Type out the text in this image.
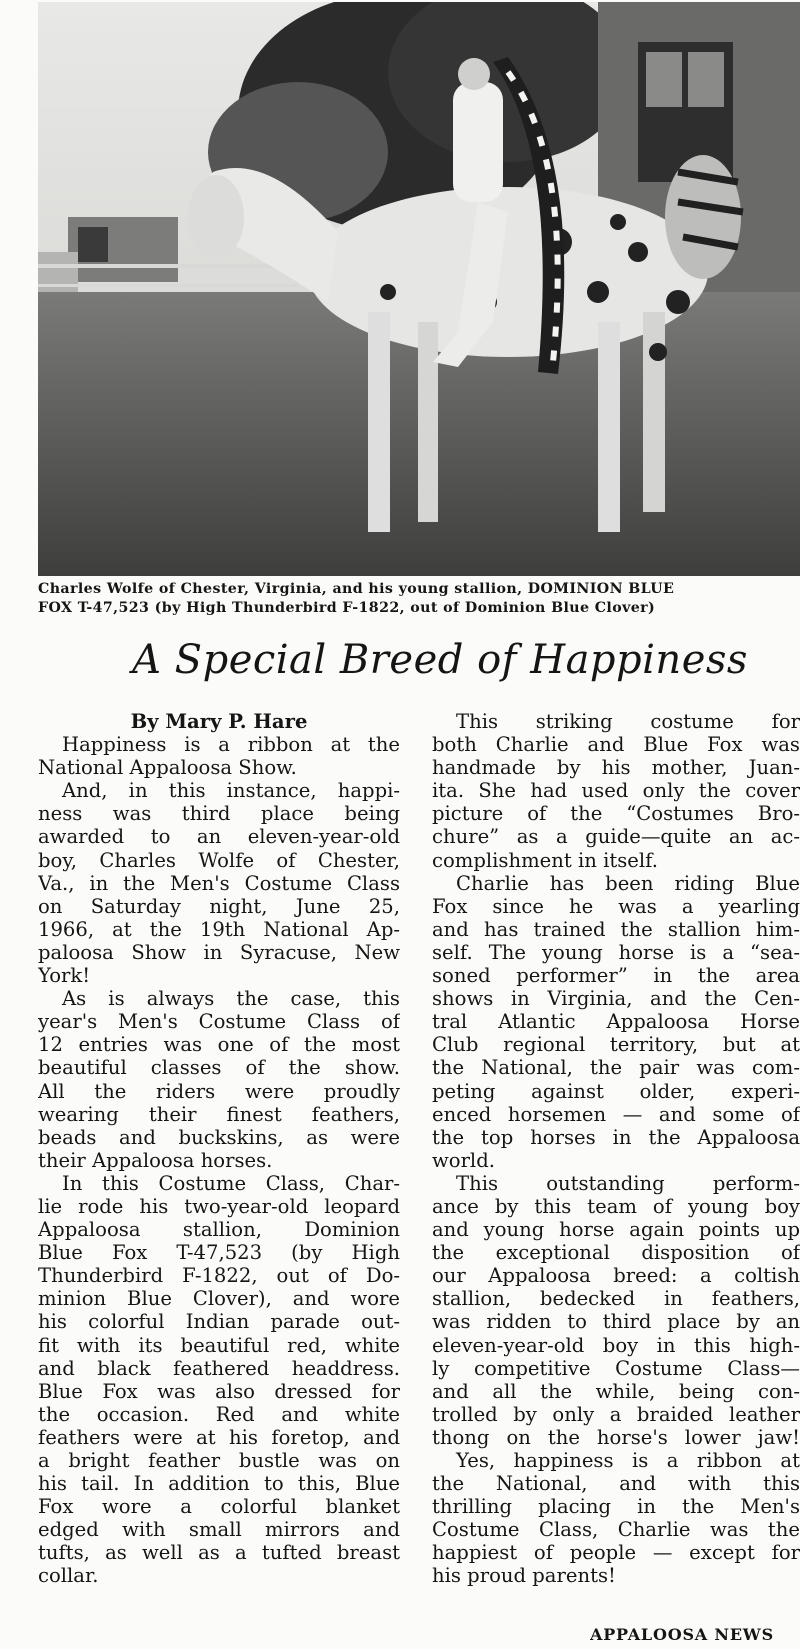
Charles Wolfe of Chester, Virginia, and his young stallion, DOMINION BLUE
FOX T-47,523 (by High Thunderbird F-1822, out of Dominion Blue Clover)
A Special Breed of Happiness
By Mary P. Hare
Happiness is a ribbon at the
National Appaloosa Show.
And, in this instance, happi-
ness was third place being
awarded to an eleven-year-old
boy, Charles Wolfe of Chester,
Va., in the Men's Costume Class
on Saturday night, June 25,
1966, at the 19th National Ap-
paloosa Show in Syracuse, New
York!
As is always the case, this
year's Men's Costume Class of
12 entries was one of the most
beautiful classes of the show.
All the riders were proudly
wearing their finest feathers,
beads and buckskins, as were
their Appaloosa horses.
In this Costume Class, Char-
lie rode his two-year-old leopard
Appaloosa stallion, Dominion
Blue Fox T-47,523 (by High
Thunderbird F-1822, out of Do-
minion Blue Clover), and wore
his colorful Indian parade out-
fit with its beautiful red, white
and black feathered headdress.
Blue Fox was also dressed for
the occasion. Red and white
feathers were at his foretop, and
a bright feather bustle was on
his tail. In addition to this, Blue
Fox wore a colorful blanket
edged with small mirrors and
tufts, as well as a tufted breast
collar.
This striking costume for
both Charlie and Blue Fox was
handmade by his mother, Juan-
ita. She had used only the cover
picture of the “Costumes Bro-
chure” as a guide—quite an ac-
complishment in itself.
Charlie has been riding Blue
Fox since he was a yearling
and has trained the stallion him-
self. The young horse is a “sea-
soned performer” in the area
shows in Virginia, and the Cen-
tral Atlantic Appaloosa Horse
Club regional territory, but at
the National, the pair was com-
peting against older, experi-
enced horsemen — and some of
the top horses in the Appaloosa
world.
This outstanding perform-
ance by this team of young boy
and young horse again points up
the exceptional disposition of
our Appaloosa breed: a coltish
stallion, bedecked in feathers,
was ridden to third place by an
eleven-year-old boy in this high-
ly competitive Costume Class—
and all the while, being con-
trolled by only a braided leather
thong on the horse's lower jaw!
Yes, happiness is a ribbon at
the National, and with this
thrilling placing in the Men's
Costume Class, Charlie was the
happiest of people — except for
his proud parents!
APPALOOSA NEWS
